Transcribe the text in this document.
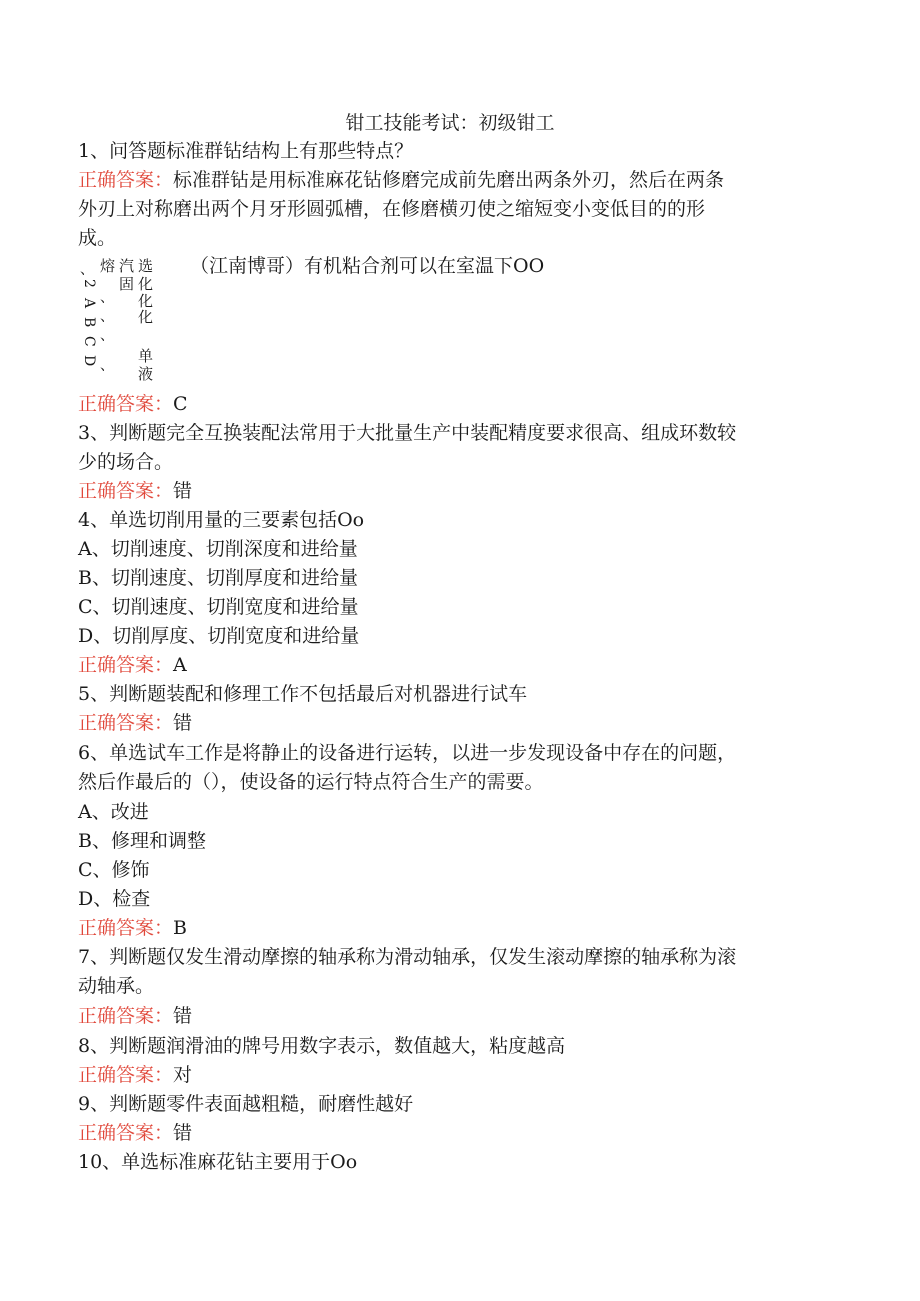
钳工技能考试：初级钳工
1、问答题标准群钻结构上有那些特点？
正确答案：标准群钻是用标准麻花钻修磨完成前先磨出两条外刃，然后在两条
外刃上对称磨出两个月牙形圆弧槽，在修磨横刃使之缩短变小变低目的的形
成。
、 熔 汽 选
2
A
B
C
D
、
、
、
、
固 化
化
化
单
液
（江南博哥）有机粘合剂可以在室温下OO
正确答案：C
3、判断题完全互换装配法常用于大批量生产中装配精度要求很高、组成环数较
少的场合。
正确答案：错
4、单选切削用量的三要素包括Oo
A、切削速度、切削深度和进给量
B、切削速度、切削厚度和进给量
C、切削速度、切削宽度和进给量
D、切削厚度、切削宽度和进给量
正确答案：A
5、判断题装配和修理工作不包括最后对机器进行试车
正确答案：错
6、单选试车工作是将静止的设备进行运转，以进一步发现设备中存在的问题，
然后作最后的（），使设备的运行特点符合生产的需要。
A、改进
B、修理和调整
C、修饰
D、检查
正确答案：B
7、判断题仅发生滑动摩擦的轴承称为滑动轴承，仅发生滚动摩擦的轴承称为滚
动轴承。
正确答案：错
8、判断题润滑油的牌号用数字表示，数值越大，粘度越高
正确答案：对
9、判断题零件表面越粗糙，耐磨性越好
正确答案：错
10、单选标准麻花钻主要用于Oo
